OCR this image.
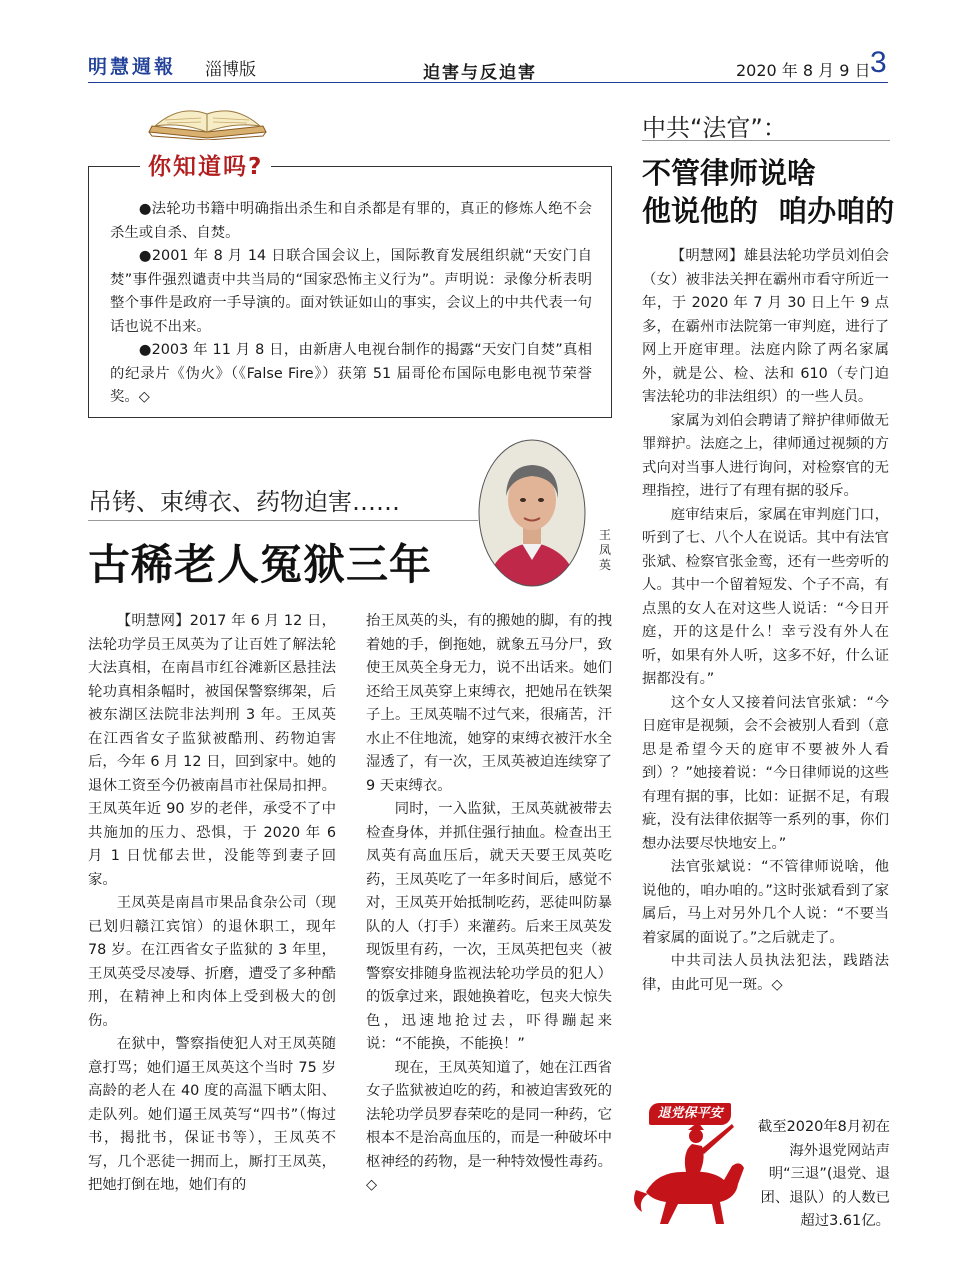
明慧週報 淄博版	迫害与反迫害	2020 年 8 月 9 日 3
你知道吗?

●法轮功书籍中明确指出杀生和自杀都是有罪的，真正的修炼人绝不会杀生或自杀、自焚。

●2001 年 8 月 14 日联合国会议上，国际教育发展组织就“天安门自焚”事件强烈谴责中共当局的“国家恐怖主义行为”。声明说：录像分析表明整个事件是政府一手导演的。面对铁证如山的事实，会议上的中共代表一句话也说不出来。

●2003 年 11 月 8 日，由新唐人电视台制作的揭露“天安门自焚”真相的纪录片《伪火》（《False Fire》）获第 51 届哥伦布国际电影电视节荣誉奖。◇

中共“法官”：
不管律师说啥
他说他的  咱办咱的

【明慧网】雄县法轮功学员刘伯会（女）被非法关押在霸州市看守所近一年，于 2020 年 7 月 30 日上午 9 点多，在霸州市法院第一审判庭，进行了网上开庭审理。法庭内除了两名家属外，就是公、检、法和 610（专门迫害法轮功的非法组织）的一些人员。

家属为刘伯会聘请了辩护律师做无罪辩护。法庭之上，律师通过视频的方式向对当事人进行询问，对检察官的无理指控，进行了有理有据的驳斥。

庭审结束后，家属在审判庭门口，听到了七、八个人在说话。其中有法官张斌、检察官张金鸾，还有一些旁听的人。其中一个留着短发、个子不高，有点黑的女人在对这些人说话：“今日开庭，开的这是什么！幸亏没有外人在听，如果有外人听，这多不好，什么证据都没有。”

这个女人又接着问法官张斌：“今日庭审是视频，会不会被别人看到（意思是希望今天的庭审不要被外人看到）？”她接着说：“今日律师说的这些有理有据的事，比如：证据不足，有瑕疵，没有法律依据等一系列的事，你们想办法要尽快地安上。”

法官张斌说：“不管律师说啥，他说他的，咱办咱的。”这时张斌看到了家属后，马上对另外几个人说：“不要当着家属的面说了。”之后就走了。

中共司法人员执法犯法，践踏法律，由此可见一斑。◇

吊铐、束缚衣、药物迫害……
古稀老人冤狱三年
王凤英

【明慧网】2017 年 6 月 12 日，法轮功学员王凤英为了让百姓了解法轮大法真相，在南昌市红谷滩新区悬挂法轮功真相条幅时，被国保警察绑架，后被东湖区法院非法判刑 3 年。王凤英在江西省女子监狱被酷刑、药物迫害后，今年 6 月 12 日，回到家中。她的退休工资至今仍被南昌市社保局扣押。王凤英年近 90 岁的老伴，承受不了中共施加的压力、恐惧，于 2020 年 6 月 1 日忧郁去世，没能等到妻子回家。

王凤英是南昌市果品食杂公司（现已划归赣江宾馆）的退休职工，现年 78 岁。在江西省女子监狱的 3 年里，王凤英受尽凌辱、折磨，遭受了多种酷刑，在精神上和肉体上受到极大的创伤。

在狱中，警察指使犯人对王凤英随意打骂；她们逼王凤英这个当时 75 岁高龄的老人在 40 度的高温下晒太阳、走队列。她们逼王凤英写“四书”（悔过书，揭批书，保证书等），王凤英不写，几个恶徒一拥而上，厮打王凤英，把她打倒在地，她们有的

抬王凤英的头，有的搬她的脚，有的拽着她的手，倒拖她，就象五马分尸，致使王凤英全身无力，说不出话来。她们还给王凤英穿上束缚衣，把她吊在铁架子上。王凤英喘不过气来，很痛苦，汗水止不住地流，她穿的束缚衣被汗水全湿透了，有一次，王凤英被迫连续穿了 9 天束缚衣。

同时，一入监狱，王凤英就被带去检查身体，并抓住强行抽血。检查出王凤英有高血压后，就天天要王凤英吃药，王凤英吃了一年多时间后，感觉不对，王凤英开始抵制吃药，恶徒叫防暴队的人（打手）来灌药。后来王凤英发现饭里有药，一次，王凤英把包夹（被警察安排随身监视法轮功学员的犯人）的饭拿过来，跟她换着吃，包夹大惊失色，迅速地抢过去，吓得蹦起来说：“不能换，不能换！”

现在，王凤英知道了，她在江西省女子监狱被迫吃的药，和被迫害致死的法轮功学员罗春荣吃的是同一种药，它根本不是治高血压的，而是一种破坏中枢神经的药物，是一种特效慢性毒药。◇

退党保平安
截至2020年8月初在海外退党网站声明“三退”(退党、退团、退队）的人数已超过3.61亿。
